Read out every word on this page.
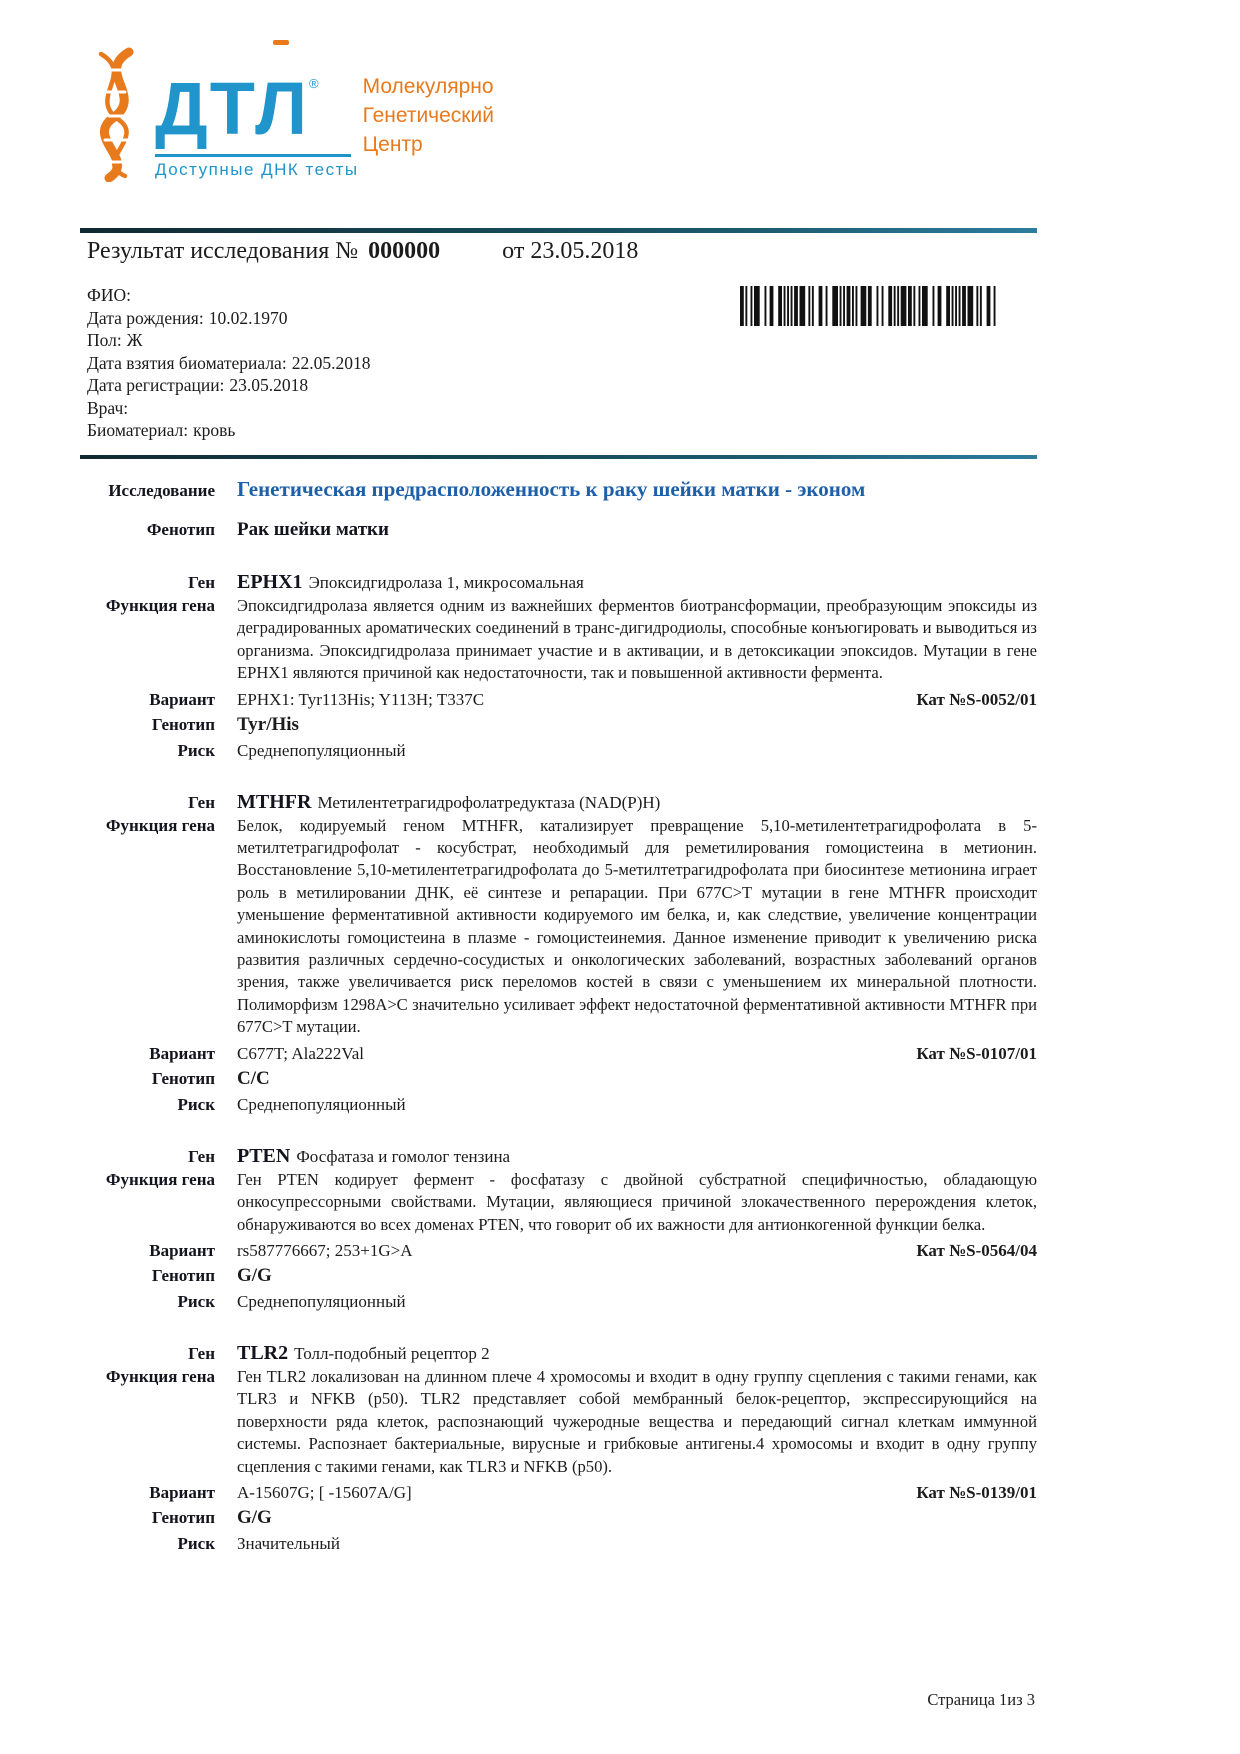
ДТЛ®
Доступные ДНК тесты
Молекулярно
Генетический
Центр
Результат исследования № 000000	от 23.05.2018
ФИО:
Дата рождения: 10.02.1970
Пол: Ж
Дата взятия биоматериала: 22.05.2018
Дата регистрации: 23.05.2018
Врач:
Биоматериал: кровь
Исследование Генетическая предрасположенность к раку шейки матки - эконом
Фенотип Рак шейки матки
Ген EPHX1 Эпоксидгидролаза 1, микросомальная
Функция гена Эпоксидгидролаза является одним из важнейших ферментов биотрансформации, преобразующим эпоксиды из деградированных ароматических соединений в транс-дигидродиолы, способные конъюгировать и выводиться из организма. Эпоксидгидролаза принимает участие и в активации, и в детоксикации эпоксидов. Мутации в гене EPHX1 являются причиной как недостаточности, так и повышенной активности фермента.
Вариант EPHX1: Tyr113His; Y113H; T337C	Кат №S-0052/01
Генотип Tyr/His
Риск Среднепопуляционный
Ген MTHFR Метилентетрагидрофолатредуктаза (NAD(P)H)
Функция гена Белок, кодируемый геном MTHFR, катализирует превращение 5,10-метилентетрагидрофолата в 5-метилтетрагидрофолат - косубстрат, необходимый для реметилирования гомоцистеина в метионин. Восстановление 5,10-метилентетрагидрофолата до 5-метилтетрагидрофолата при биосинтезе метионина играет роль в метилировании ДНК, её синтезе и репарации. При 677C>T мутации в гене MTHFR происходит уменьшение ферментативной активности кодируемого им белка, и, как следствие, увеличение концентрации аминокислоты гомоцистеина в плазме - гомоцистеинемия. Данное изменение приводит к увеличению риска развития различных сердечно-сосудистых и онкологических заболеваний, возрастных заболеваний органов зрения, также увеличивается риск переломов костей в связи с уменьшением их минеральной плотности. Полиморфизм 1298A>C значительно усиливает эффект недостаточной ферментативной активности MTHFR при 677C>T мутации.
Вариант C677T; Ala222Val	Кат №S-0107/01
Генотип C/C
Риск Среднепопуляционный
Ген PTEN Фосфатаза и гомолог тензина
Функция гена Ген PTEN кодирует фермент - фосфатазу с двойной субстратной специфичностью, обладающую онкосупрессорными свойствами. Мутации, являющиеся причиной злокачественного перерождения клеток, обнаруживаются во всех доменах PTEN, что говорит об их важности для антионкогенной функции белка.
Вариант rs587776667; 253+1G>A	Кат №S-0564/04
Генотип G/G
Риск Среднепопуляционный
Ген TLR2 Толл-подобный рецептор 2
Функция гена Ген TLR2 локализован на длинном плече 4 хромосомы и входит в одну группу сцепления с такими генами, как TLR3 и NFKB (p50). TLR2 представляет собой мембранный белок-рецептор, экспрессирующийся на поверхности ряда клеток, распознающий чужеродные вещества и передающий сигнал клеткам иммунной системы. Распознает бактериальные, вирусные и грибковые антигены.4 хромосомы и входит в одну группу сцепления с такими генами, как TLR3 и NFKB (p50).
Вариант A-15607G; [ -15607A/G]	Кат №S-0139/01
Генотип G/G
Риск Значительный
Страница 1из 3
